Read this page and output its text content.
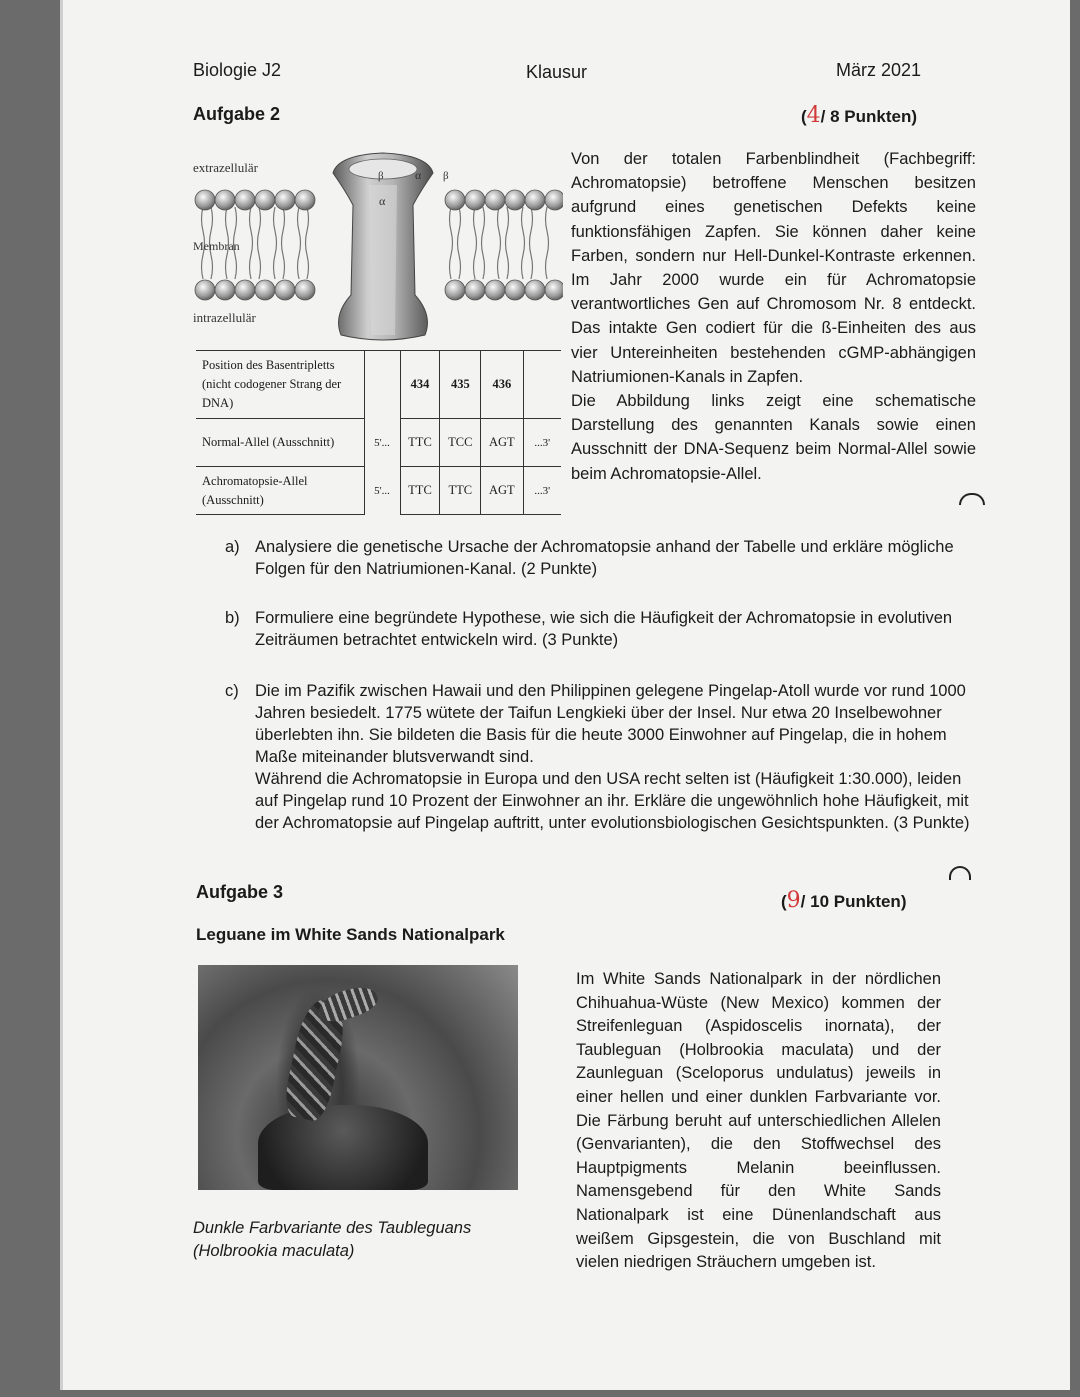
Biologie J2	Klausur	März 2021
Aufgabe 2	(4/ 8 Punkten)
α
α
β	β
extrazellulär
Membran
intrazellulär
Position des Basentripletts (nicht codogener Strang der DNA)		434	435	436	
Normal-Allel (Ausschnitt)	5'...	TTC	TCC	AGT	...3'
Achromatopsie-Allel (Ausschnitt)	5'...	TTC	TTC	AGT	...3'

Von der totalen Farbenblindheit (Fachbegriff: Achromatopsie) betroffene Menschen besitzen aufgrund eines genetischen Defekts keine funktionsfähigen Zapfen. Sie können daher keine Farben, sondern nur Hell-Dunkel-Kontraste erkennen. Im Jahr 2000 wurde ein für Achromatopsie verantwortliches Gen auf Chromosom Nr. 8 entdeckt. Das intakte Gen codiert für die ß-Einheiten des aus vier Untereinheiten bestehenden cGMP-abhängigen Natriumionen-Kanals in Zapfen.

Die Abbildung links zeigt eine schematische Darstellung des genannten Kanals sowie einen Ausschnitt der DNA-Sequenz beim Normal-Allel sowie beim Achromatopsie-Allel.

a) Analysiere die genetische Ursache der Achromatopsie anhand der Tabelle und erkläre mögliche Folgen für den Natriumionen-Kanal. (2 Punkte)
b) Formuliere eine begründete Hypothese, wie sich die Häufigkeit der Achromatopsie in evolutiven Zeiträumen betrachtet entwickeln wird. (3 Punkte)
c) Die im Pazifik zwischen Hawaii und den Philippinen gelegene Pingelap-Atoll wurde vor rund 1000 Jahren besiedelt. 1775 wütete der Taifun Lengkieki über der Insel. Nur etwa 20 Inselbewohner überlebten ihn. Sie bildeten die Basis für die heute 3000 Einwohner auf Pingelap, die in hohem Maße miteinander blutsverwandt sind.
Während die Achromatopsie in Europa und den USA recht selten ist (Häufigkeit 1:30.000), leiden auf Pingelap rund 10 Prozent der Einwohner an ihr. Erkläre die ungewöhnlich hohe Häufigkeit, mit der Achromatopsie auf Pingelap auftritt, unter evolutionsbiologischen Gesichtspunkten. (3 Punkte)
Aufgabe 3	(9/ 10 Punkten)
Leguane im White Sands Nationalpark
Dunkle Farbvariante des Taubleguans
(Holbrookia maculata)
Im White Sands Nationalpark in der nördlichen Chihuahua-Wüste (New Mexico) kommen der Streifenleguan (Aspidoscelis inornata), der Taubleguan (Holbrookia maculata) und der Zaunleguan (Sceloporus undulatus) jeweils in einer hellen und einer dunklen Farbvariante vor. Die Färbung beruht auf unterschiedlichen Allelen (Genvarianten), die den Stoffwechsel des Hauptpigments Melanin beeinflussen. Namensgebend für den White Sands Nationalpark ist eine Dünenlandschaft aus weißem Gipsgestein, die von Buschland mit vielen niedrigen Sträuchern umgeben ist.
